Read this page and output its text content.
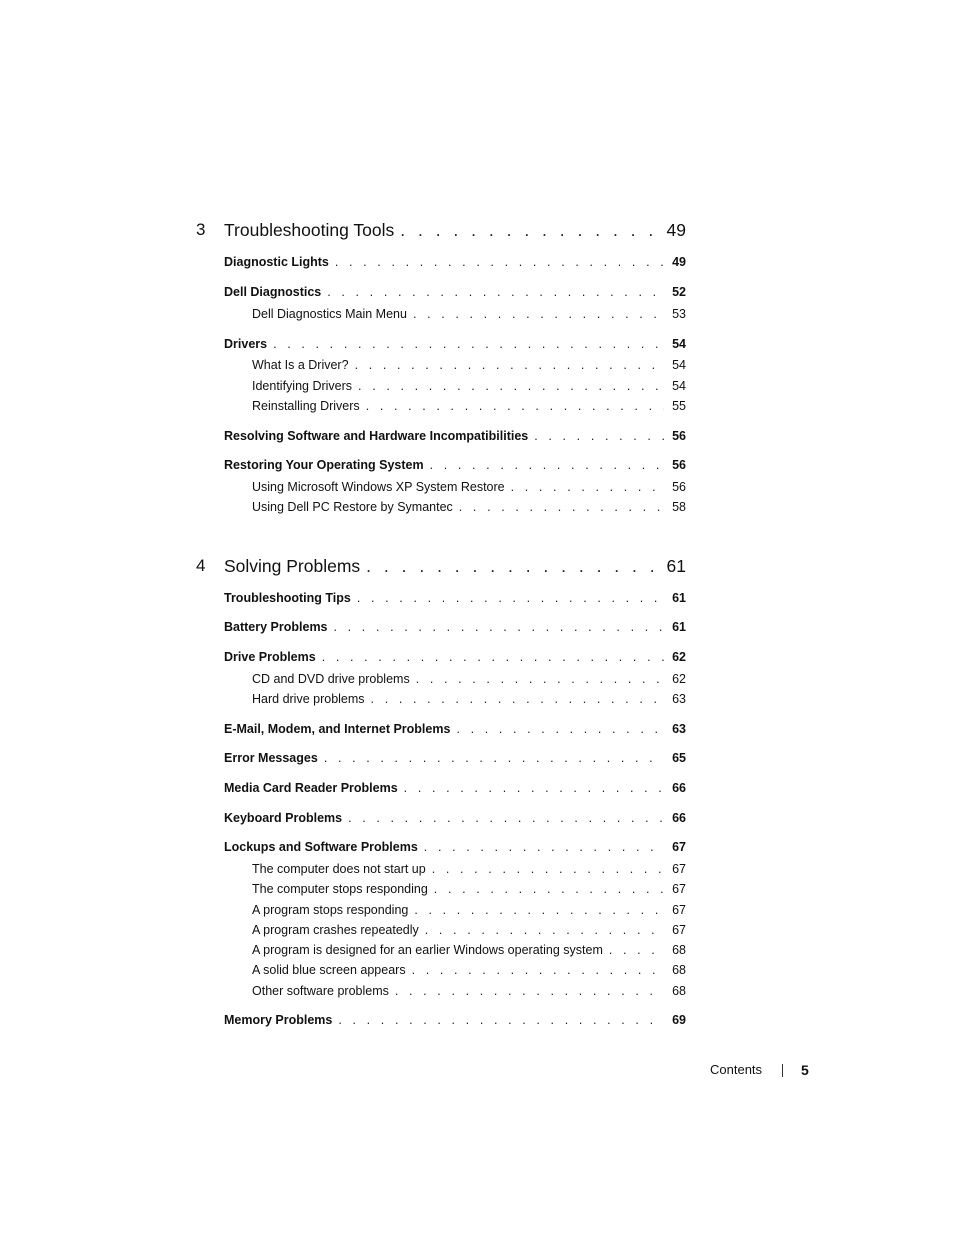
3 Troubleshooting Tools . . .	49
Diagnostic Lights . . .	49
Dell Diagnostics . . .	52
Dell Diagnostics Main Menu . . .	53
Drivers . . .	54
What Is a Driver? . . .	54
Identifying Drivers . . .	54
Reinstalling Drivers . . .	55
Resolving Software and Hardware Incompatibilities . . .	56
Restoring Your Operating System . . .	56
Using Microsoft Windows XP System Restore . . .	56
Using Dell PC Restore by Symantec . . .	58
4 Solving Problems . . .	61
Troubleshooting Tips . . .	61
Battery Problems . . .	61
Drive Problems . . .	62
CD and DVD drive problems . . .	62
Hard drive problems . . .	63
E-Mail, Modem, and Internet Problems . . .	63
Error Messages . . .	65
Media Card Reader Problems . . .	66
Keyboard Problems . . .	66
Lockups and Software Problems . . .	67
The computer does not start up . . .	67
The computer stops responding . . .	67
A program stops responding . . .	67
A program crashes repeatedly . . .	67
A program is designed for an earlier Windows operating system . . .	68
A solid blue screen appears . . .	68
Other software problems . . .	68
Memory Problems . . .	69
Contents	5
